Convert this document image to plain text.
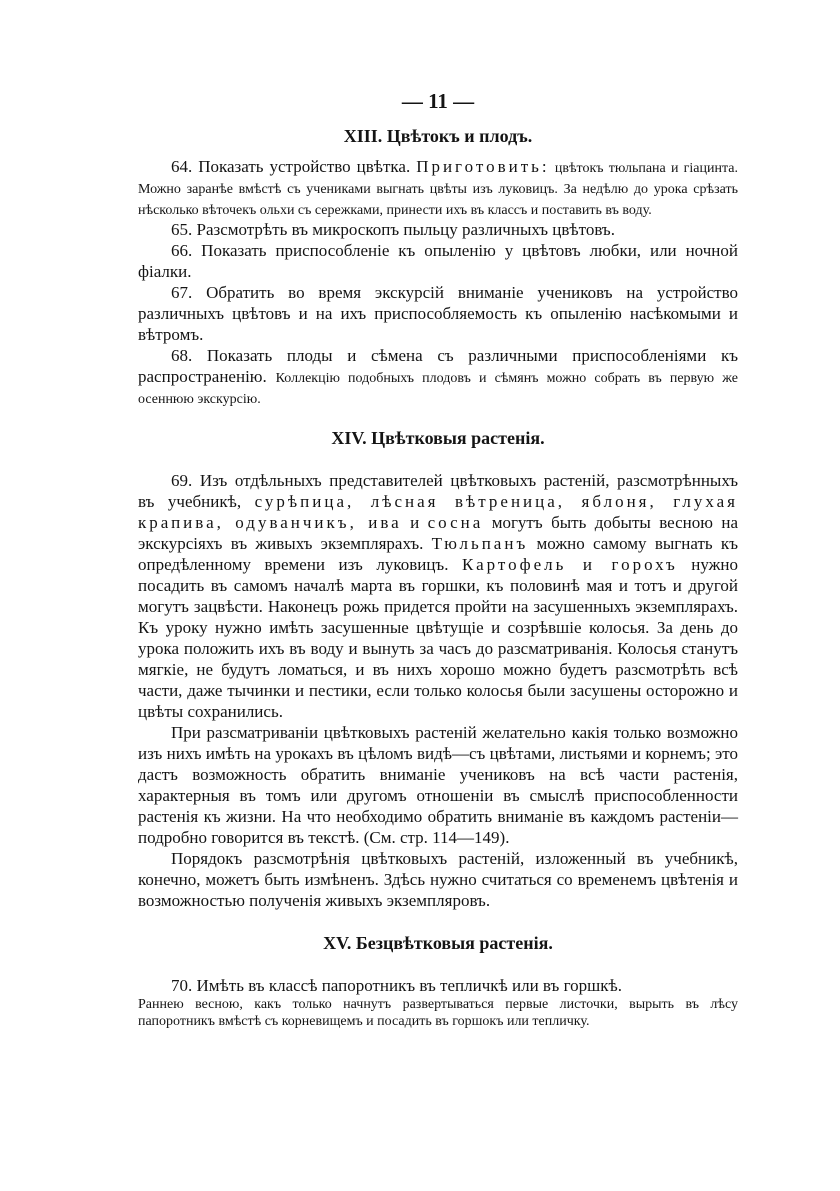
— 11 —
XIII. Цвѣтокъ и плодъ.

64. Показать устройство цвѣтка. Приготовить: цвѣтокъ тюльпана и гіацинта. Можно заранѣе вмѣстѣ съ учениками выгнать цвѣты изъ луковицъ. За недѣлю до урока срѣзать нѣсколько вѣточекъ ольхи съ сережками, принести ихъ въ классъ и поставить въ воду.

65. Разсмотрѣть въ микроскопъ пыльцу различныхъ цвѣтовъ.

66. Показать приспособленіе къ опыленію у цвѣтовъ любки, или ночной фіалки.

67. Обратить во время экскурсій вниманіе учениковъ на устройство различныхъ цвѣтовъ и на ихъ приспособляемость къ опыленію насѣкомыми и вѣтромъ.

68. Показать плоды и сѣмена съ различными приспособленіями къ распространенію. Коллекцію подобныхъ плодовъ и сѣмянъ можно собрать въ первую же осеннюю экскурсію.

XIV. Цвѣтковыя растенія.

69. Изъ отдѣльныхъ представителей цвѣтковыхъ растеній, разсмотрѣнныхъ въ учебникѣ, сурѣпица, лѣсная вѣтреница, яблоня, глухая крапива, одуванчикъ, ива и сосна могутъ быть добыты весною на экскурсіяхъ въ живыхъ экземплярахъ. Тюльпанъ можно самому выгнать къ опредѣленному времени изъ луковицъ. Картофель и горохъ нужно посадить въ самомъ началѣ марта въ горшки, къ половинѣ мая и тотъ и другой могутъ зацвѣсти. Наконецъ рожь придется пройти на засушенныхъ экземплярахъ. Къ уроку нужно имѣть засушенные цвѣтущіе и созрѣвшіе колосья. За день до урока положить ихъ въ воду и вынуть за часъ до разсматриванія. Колосья станутъ мягкіе, не будутъ ломаться, и въ нихъ хорошо можно будетъ разсмотрѣть всѣ части, даже тычинки и пестики, если только колосья были засушены осторожно и цвѣты сохранились.

При разсматриваніи цвѣтковыхъ растеній желательно какія только возможно изъ нихъ имѣть на урокахъ въ цѣломъ видѣ—съ цвѣтами, листьями и корнемъ; это дастъ возможность обратить вниманіе учениковъ на всѣ части растенія, характерныя въ томъ или другомъ отношеніи въ смыслѣ приспособленности растенія къ жизни. На что необходимо обратить вниманіе въ каждомъ растеніи—подробно говорится въ текстѣ. (См. стр. 114—149).

Порядокъ разсмотрѣнія цвѣтковыхъ растеній, изложенный въ учебникѣ, конечно, можетъ быть измѣненъ. Здѣсь нужно считаться со временемъ цвѣтенія и возможностью полученія живыхъ экземпляровъ.

XV. Безцвѣтковыя растенія.

70. Имѣть въ классѣ папоротникъ въ тепличкѣ или въ горшкѣ.

Раннею весною, какъ только начнутъ развертываться первые листочки, вырыть въ лѣсу папоротникъ вмѣстѣ съ корневищемъ и посадить въ горшокъ или тепличку.
